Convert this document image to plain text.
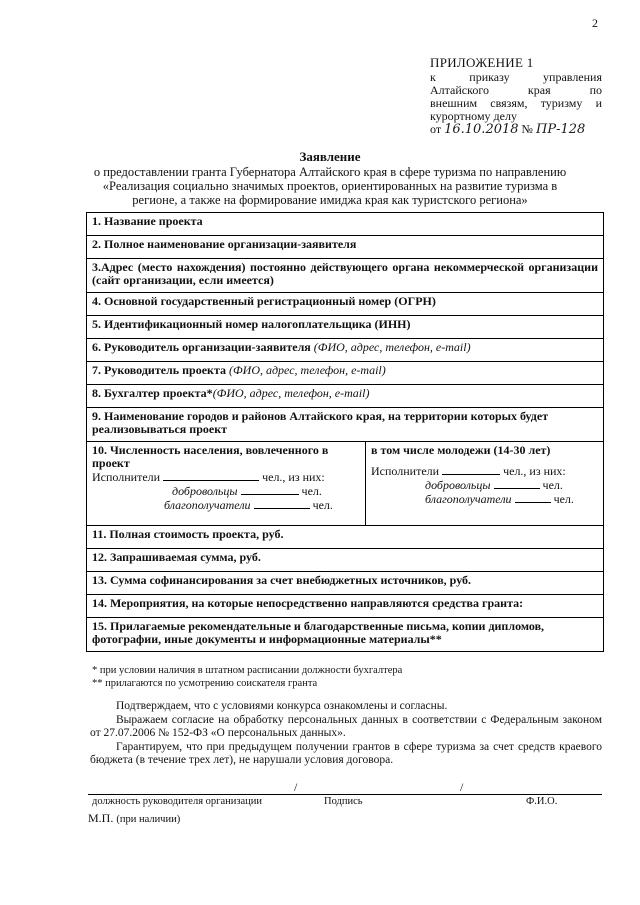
2
ПРИЛОЖЕНИЕ 1
к приказу управления
Алтайского края по
внешним связям, туризму и
курортному делу
от 16.10.2018 № ПР-128
Заявление
о предоставлении гранта Губернатора Алтайского края в сфере туризма по направлению
«Реализация социально значимых проектов, ориентированных на развитие туризма в
регионе, а также на формирование имиджа края как туристского региона»
1. Название проекта
2. Полное наименование организации-заявителя
3.Адрес (место нахождения) постоянно действующего органа некоммерческой организации (сайт организации, если имеется)
4. Основной государственный регистрационный номер (ОГРН)
5. Идентификационный номер налогоплательщика (ИНН)
6. Руководитель организации-заявителя (ФИО, адрес, телефон, e-mail)
7. Руководитель проекта (ФИО, адрес, телефон, e-mail)
8. Бухгалтер проекта*(ФИО, адрес, телефон, e-mail)
9. Наименование городов и районов Алтайского края, на территории которых будет реализовываться проект

10. Численность населения, вовлеченного в проект
Исполнители	чел., из них:
добровольцы	чел.
благополучатели	чел.

в том числе молодежи (14-30 лет)
Исполнители	чел., из них:
добровольцы	чел.
благополучатели	чел.

11. Полная стоимость проекта, руб.
12. Запрашиваемая сумма, руб.
13. Сумма софинансирования за счет внебюджетных источников, руб.
14. Мероприятия, на которые непосредственно направляются средства гранта:
15. Прилагаемые рекомендательные и благодарственные письма, копии дипломов, фотографии, иные документы и информационные материалы**
* при условии наличия в штатном расписании должности бухгалтера
** прилагаются по усмотрению соискателя гранта

Подтверждаем, что с условиями конкурса ознакомлены и согласны.

Выражаем согласие на обработку персональных данных в соответствии с Федеральным законом от 27.07.2006 № 152-ФЗ «О персональных данных».

Гарантируем, что при предыдущем получении грантов в сфере туризма за счет средств краевого бюджета (в течение трех лет), не нарушали условия договора.

/	/
должность руководителя организации	Подпись	Ф.И.О.
М.П. (при наличии)
